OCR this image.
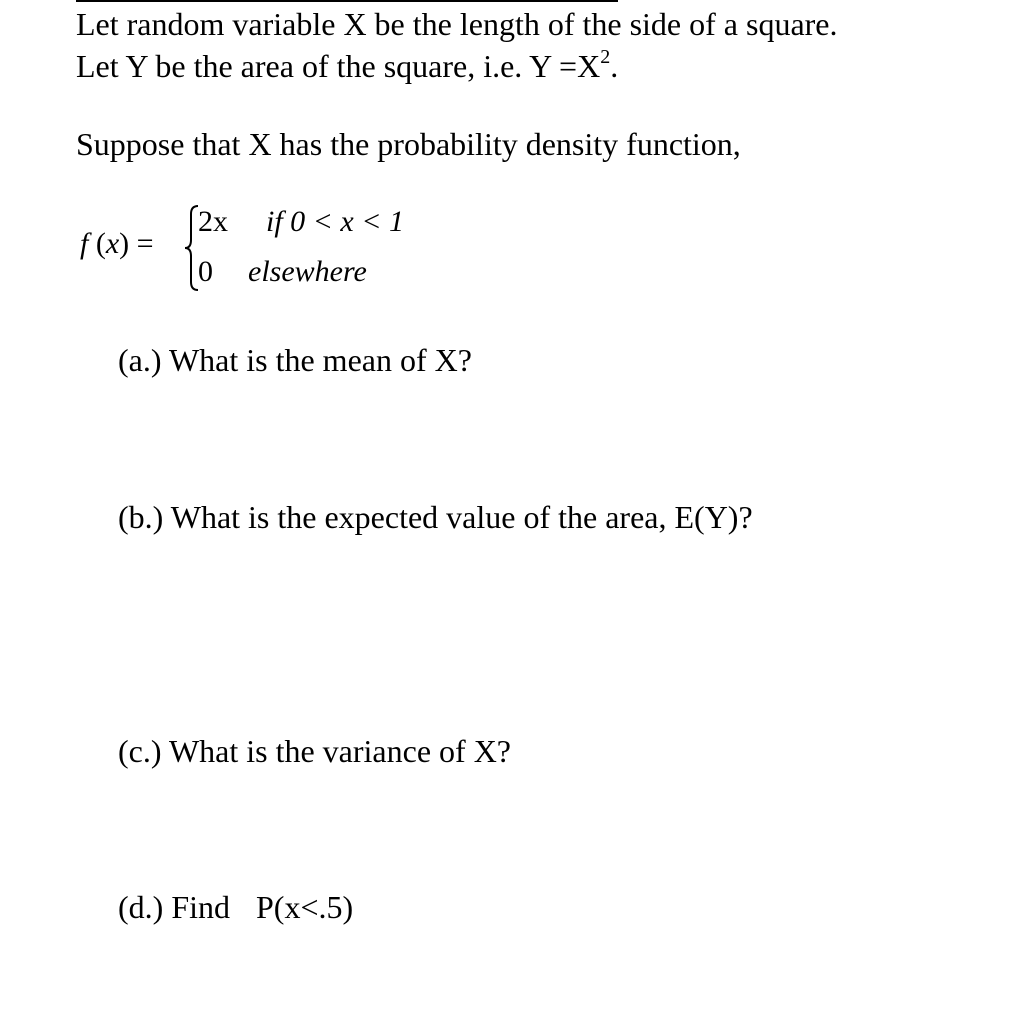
Let random variable X be the length of the side of a square.
Let Y be the area of the square, i.e. $Y =X^2$.
Suppose that X has the probability density function,
f (x) =
2x if 0 < x < 1
0 elsewhere
(a.) What is the mean of X?
(b.) What is the expected value of the area, E(Y)?
(c.) What is the variance of X?
(d.) Find P(x<.5)
